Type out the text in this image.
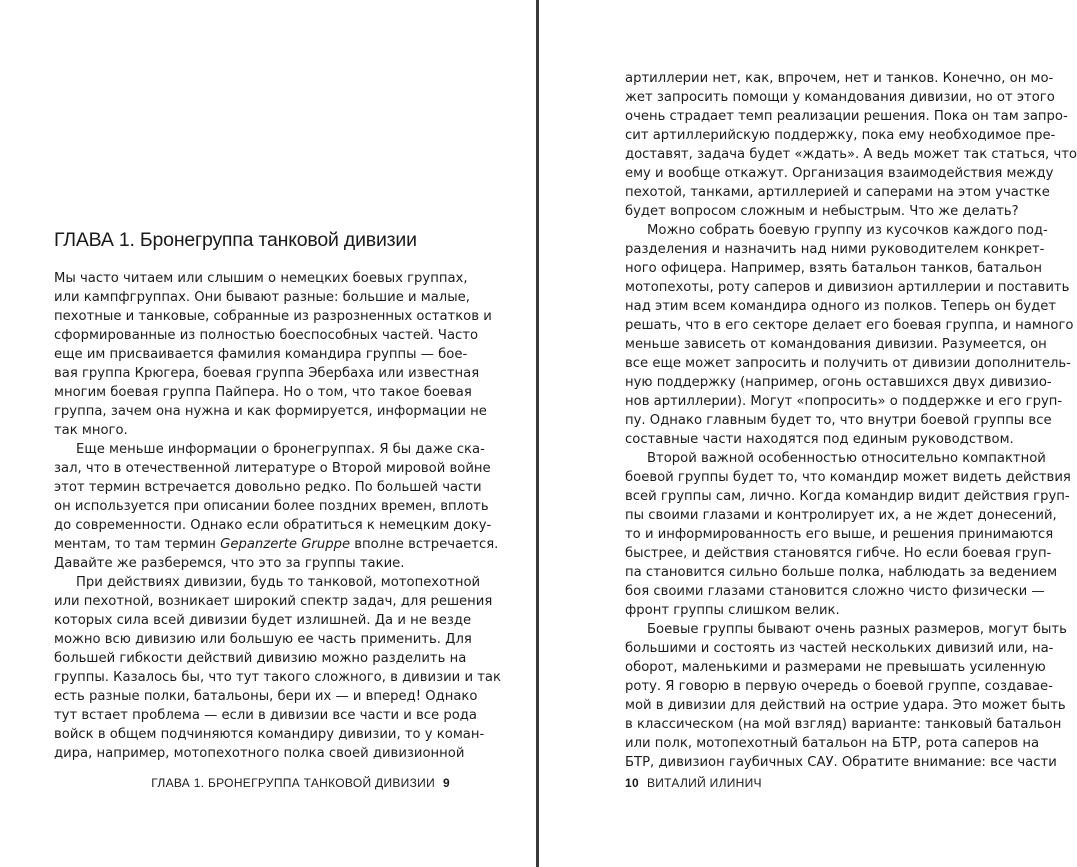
ГЛАВА 1. Бронегруппа танковой дивизии
Мы часто читаем или слышим о немецких боевых группах,
или кампфгруппах. Они бывают разные: большие и малые,
пехотные и танковые, собранные из разрозненных остатков и
сформированные из полностью боеспособных частей. Часто
еще им присваивается фамилия командира группы — бое-
вая группа Крюгера, боевая группа Эбербаха или известная
многим боевая группа Пайпера. Но о том, что такое боевая
группа, зачем она нужна и как формируется, информации не
так много.
Еще меньше информации о бронегруппах. Я бы даже ска-
зал, что в отечественной литературе о Второй мировой войне
этот термин встречается довольно редко. По большей части
он используется при описании более поздних времен, вплоть
до современности. Однако если обратиться к немецким доку-
ментам, то там термин Gepanzerte Gruppe вполне встречается.
Давайте же разберемся, что это за группы такие.
При действиях дивизии, будь то танковой, мотопехотной
или пехотной, возникает широкий спектр задач, для решения
которых сила всей дивизии будет излишней. Да и не везде
можно всю дивизию или большую ее часть применить. Для
большей гибкости действий дивизию можно разделить на
группы. Казалось бы, что тут такого сложного, в дивизии и так
есть разные полки, батальоны, бери их — и вперед! Однако
тут встает проблема — если в дивизии все части и все рода
войск в общем подчиняются командиру дивизии, то у коман-
дира, например, мотопехотного полка своей дивизионной
ГЛАВА 1. БРОНЕГРУППА ТАНКОВОЙ ДИВИЗИИ 9
артиллерии нет, как, впрочем, нет и танков. Конечно, он мо-
жет запросить помощи у командования дивизии, но от этого
очень страдает темп реализации решения. Пока он там запро-
сит артиллерийскую поддержку, пока ему необходимое пре-
доставят, задача будет «ждать». А ведь может так статься, что
ему и вообще откажут. Организация взаимодействия между
пехотой, танками, артиллерией и саперами на этом участке
будет вопросом сложным и небыстрым. Что же делать?
Можно собрать боевую группу из кусочков каждого под-
разделения и назначить над ними руководителем конкрет-
ного офицера. Например, взять батальон танков, батальон
мотопехоты, роту саперов и дивизион артиллерии и поставить
над этим всем командира одного из полков. Теперь он будет
решать, что в его секторе делает его боевая группа, и намного
меньше зависеть от командования дивизии. Разумеется, он
все еще может запросить и получить от дивизии дополнитель-
ную поддержку (например, огонь оставшихся двух дивизио-
нов артиллерии). Могут «попросить» о поддержке и его груп-
пу. Однако главным будет то, что внутри боевой группы все
составные части находятся под единым руководством.
Второй важной особенностью относительно компактной
боевой группы будет то, что командир может видеть действия
всей группы сам, лично. Когда командир видит действия груп-
пы своими глазами и контролирует их, а не ждет донесений,
то и информированность его выше, и решения принимаются
быстрее, и действия становятся гибче. Но если боевая груп-
па становится сильно больше полка, наблюдать за ведением
боя своими глазами становится сложно чисто физически —
фронт группы слишком велик.
Боевые группы бывают очень разных размеров, могут быть
большими и состоять из частей нескольких дивизий или, на-
оборот, маленькими и размерами не превышать усиленную
роту. Я говорю в первую очередь о боевой группе, создавае-
мой в дивизии для действий на острие удара. Это может быть
в классическом (на мой взгляд) варианте: танковый батальон
или полк, мотопехотный батальон на БТР, рота саперов на
БТР, дивизион гаубичных САУ. Обратите внимание: все части
10 ВИТАЛИЙ ИЛИНИЧ
